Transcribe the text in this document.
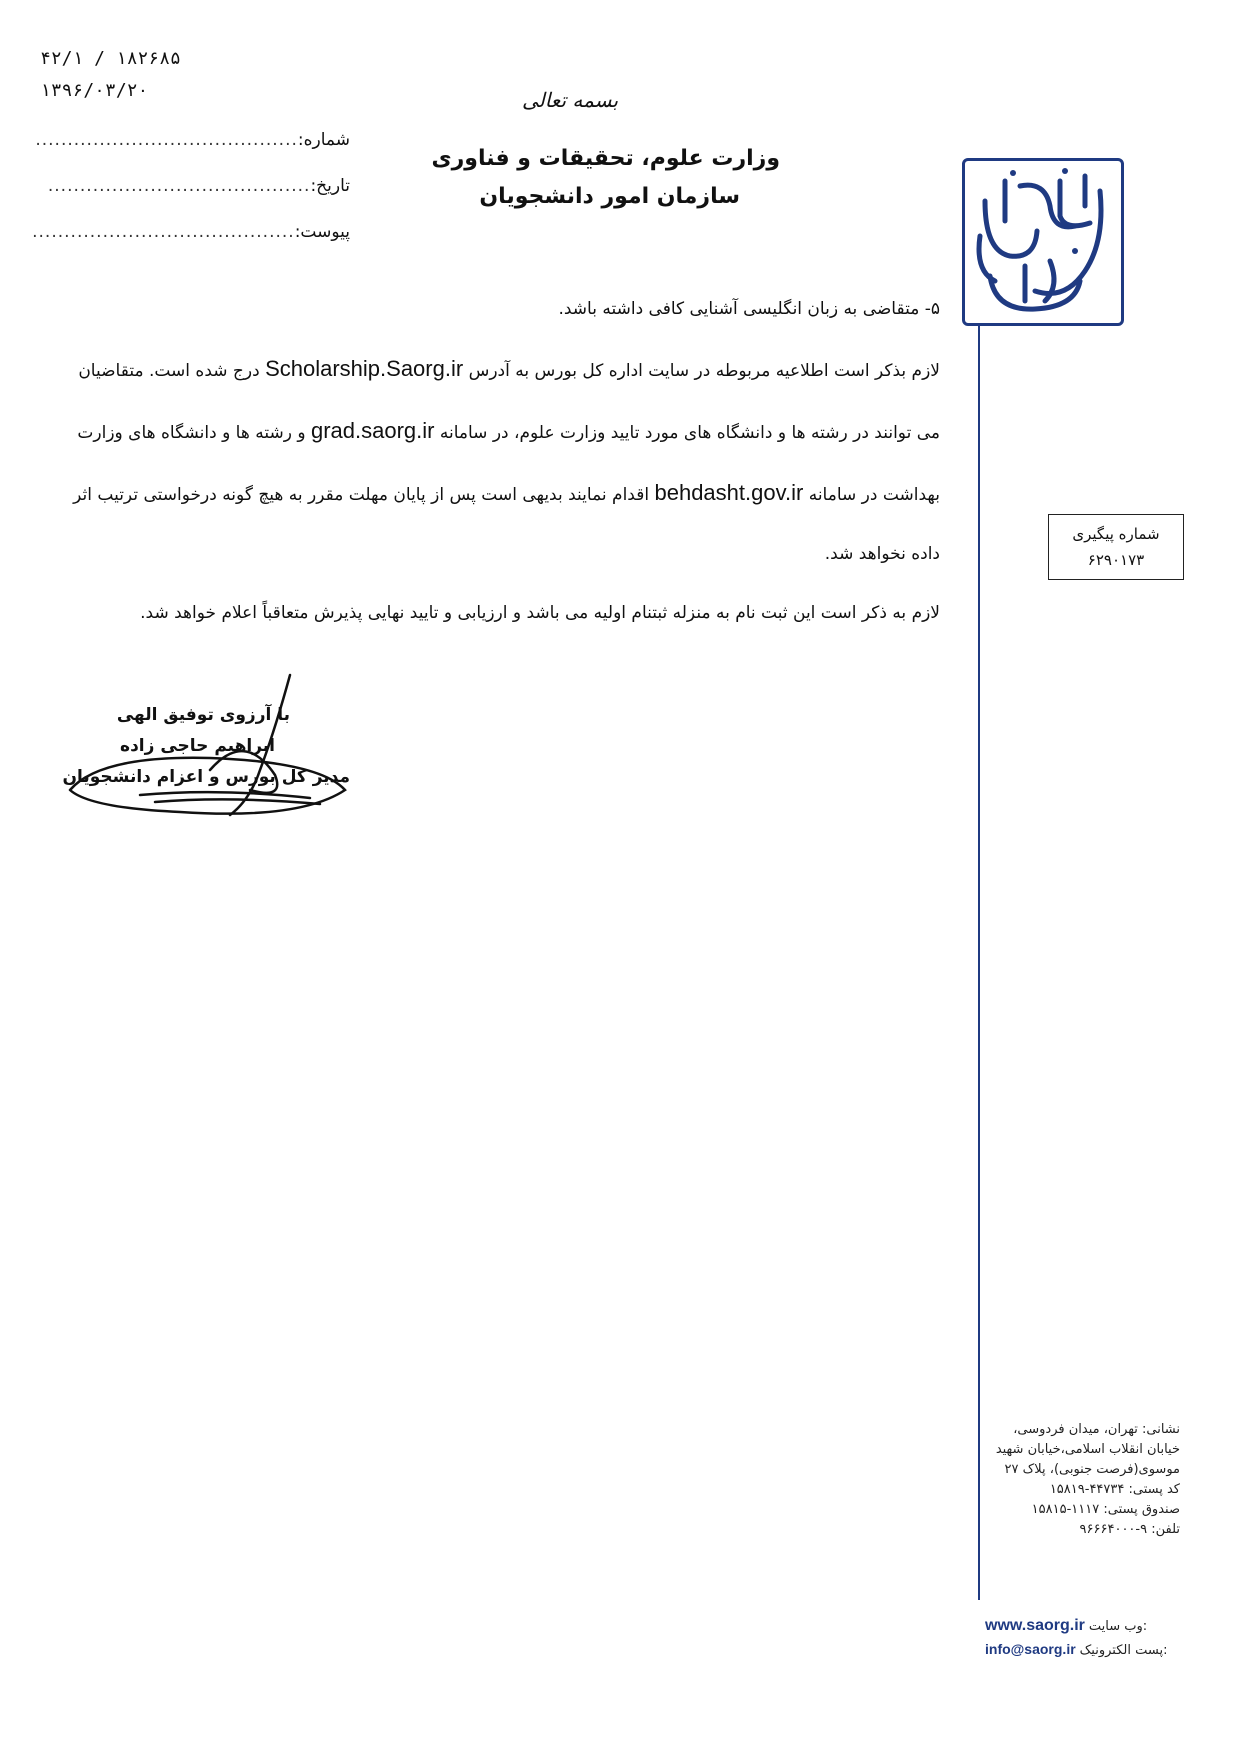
۴۲/۱ / ۱۸۲۶۸۵
۱۳۹۶/۰۳/۲۰	بسمه تعالی
وزارت علوم، تحقیقات و فناوری
سازمان امور دانشجویان
شماره:
.........................................
تاریخ:
.........................................
پیوست:
.........................................

۵- متقاضی به زبان انگلیسی آشنایی کافی داشته باشد.

لازم بذکر است اطلاعیه مربوطه در سایت اداره کل بورس به آدرس Scholarship.Saorg.ir درج شده است. متقاضیان می توانند در رشته ها و دانشگاه های مورد تایید وزارت علوم، در سامانه grad.saorg.ir و رشته ها و دانشگاه های وزارت بهداشت در سامانه behdasht.gov.ir اقدام نمایند بدیهی است پس از پایان مهلت مقرر به هیچ گونه درخواستی ترتیب اثر داده نخواهد شد.

لازم به ذکر است این ثبت نام به منزله ثبتنام اولیه می باشد و ارزیابی و تایید نهایی پذیرش متعاقباً اعلام خواهد شد.

شماره پیگیری
۶۲۹۰۱۷۳
با آرزوی توفیق الهی
ابراهیم حاجی زاده
مدیر کل بورس و اعزام دانشجویان
نشانی: تهران، میدان فردوسی،
خیابان انقلاب اسلامی،خیابان شهید
موسوی(فرصت جنوبی)، پلاک ۲۷
کد پستی: ۴۴۷۳۴-۱۵۸۱۹
صندوق پستی: ۱۱۱۷-۱۵۸۱۵
تلفن: ۹-۹۶۶۶۴۰۰۰
www.saorg.ir وب سایت:
info@saorg.ir پست الکترونیک:
